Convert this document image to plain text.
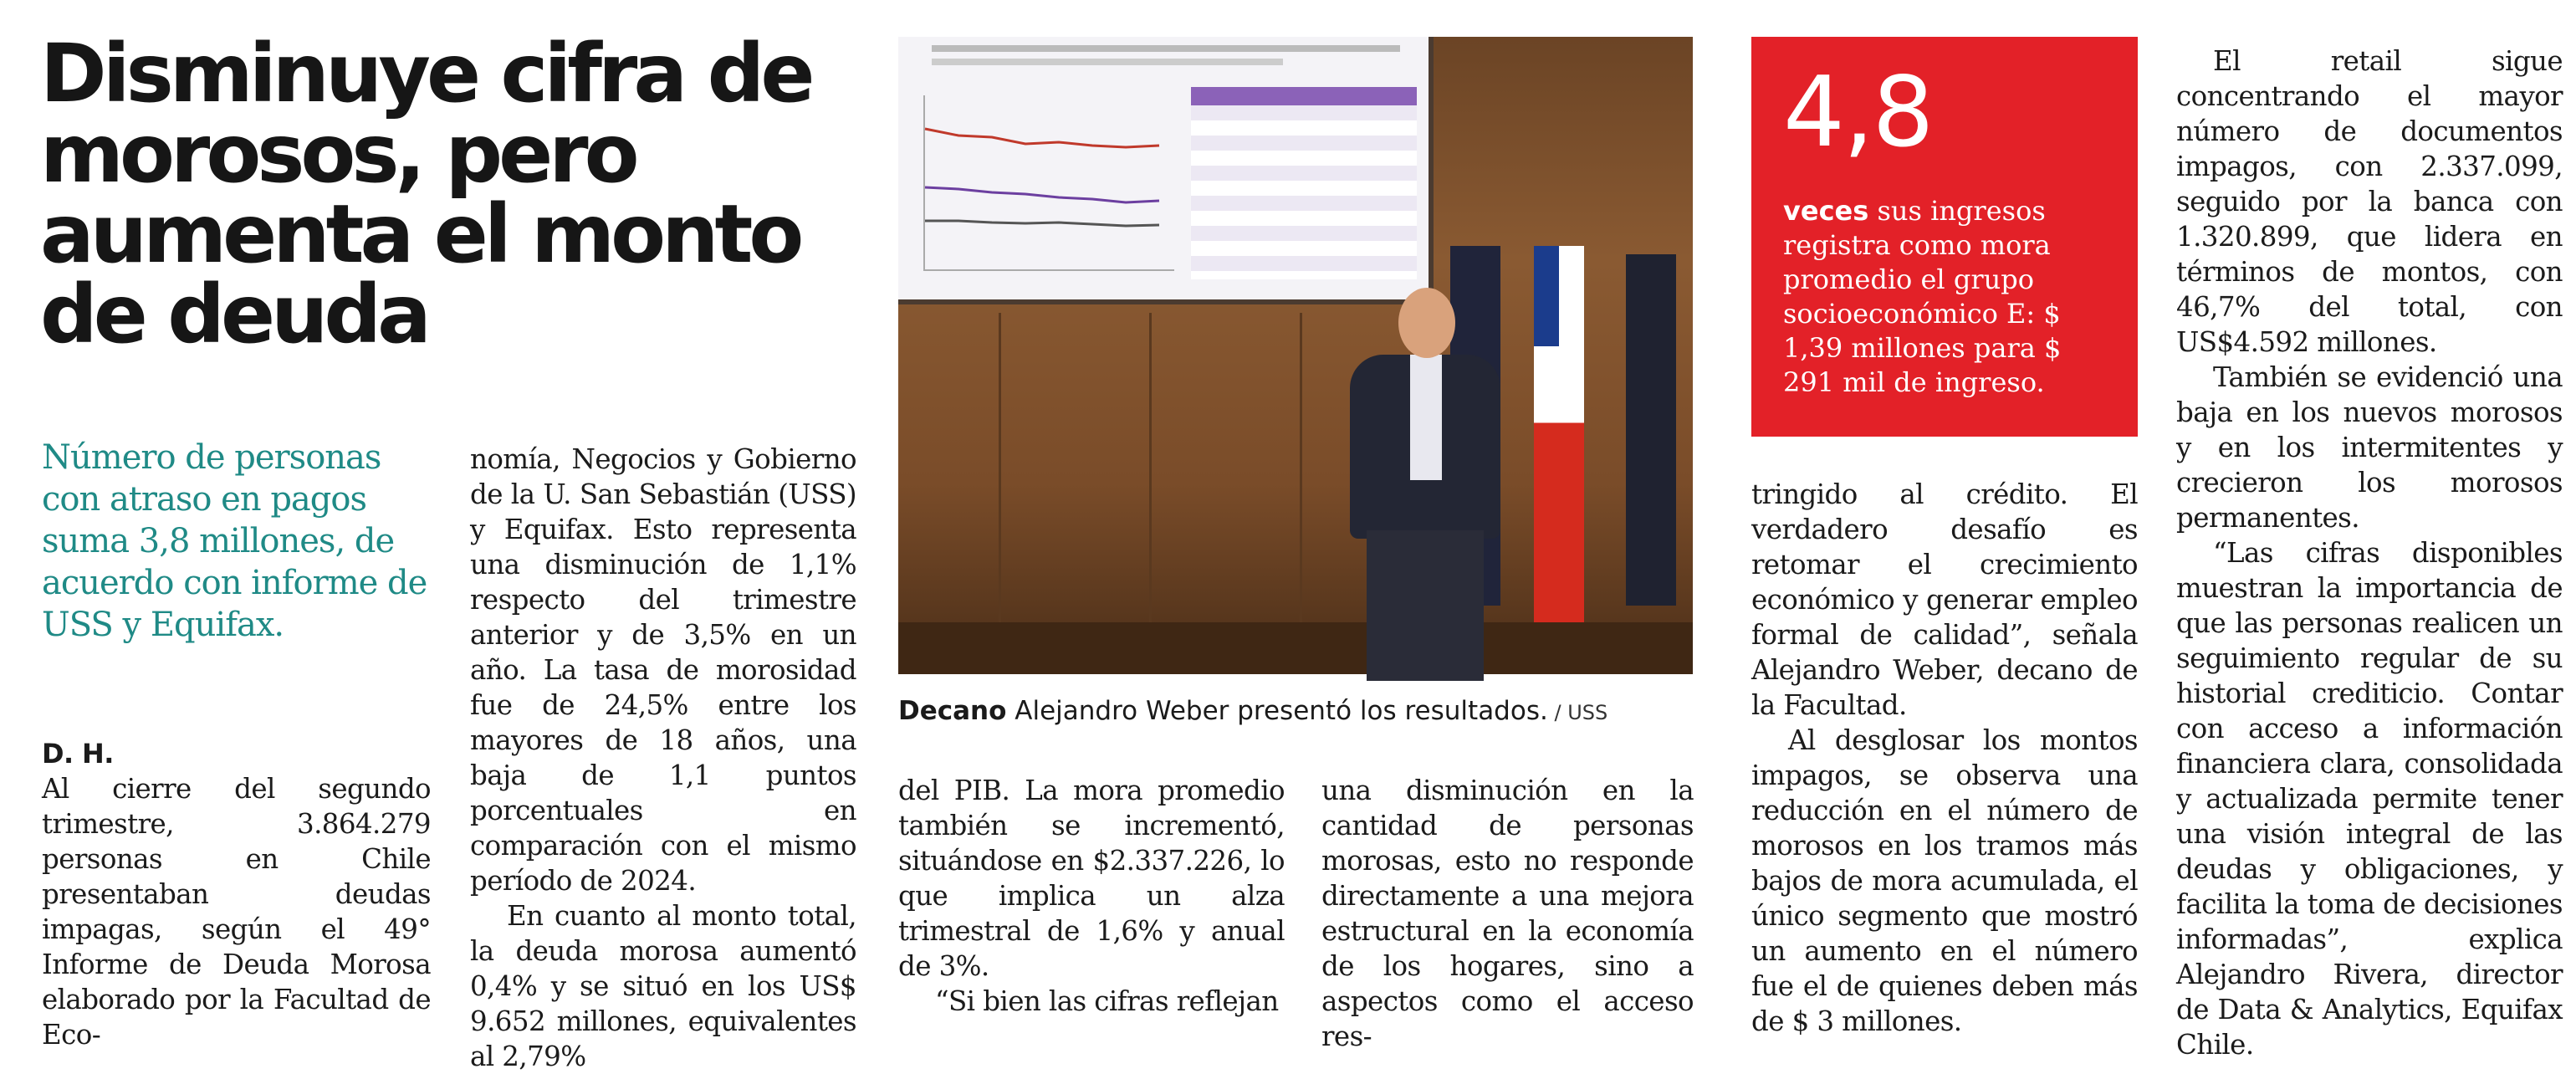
Disminuye cifra de morosos, pero aumenta el monto de deuda
Número de personas con atraso en pagos suma 3,8 millones, de acuerdo con informe de USS y Equifax.
D. H.

Al cierre del segundo trimestre, 3.864.279 personas en Chile presentaban deudas impagas, según el 49° Informe de Deuda Morosa elaborado por la Facultad de Eco-

nomía, Negocios y Gobierno de la U. San Sebastián (USS) y Equifax. Esto representa una disminución de 1,1% respecto del trimestre anterior y de 3,5% en un año. La tasa de morosidad fue de 24,5% entre los mayores de 18 años, una baja de 1,1 puntos porcentuales en comparación con el mismo período de 2024.

En cuanto al monto total, la deuda morosa aumentó 0,4% y se situó en los US$ 9.652 millones, equivalentes al 2,79%

Decano Alejandro Weber presentó los resultados. / USS

del PIB. La mora promedio también se incrementó, situándose en $2.337.226, lo que implica un alza trimestral de 1,6% y anual de 3%.

“Si bien las cifras reflejan

una disminución en la cantidad de personas morosas, esto no responde directamente a una mejora estructural en la economía de los hogares, sino a aspectos como el acceso res-

4,8
veces sus ingresos registra como mora promedio el grupo socioeconómico E: $ 1,39 millones para $ 291 mil de ingreso.

tringido al crédito. El verdadero desafío es retomar el crecimiento económico y generar empleo formal de calidad”, señala Alejandro Weber, decano de la Facultad.

Al desglosar los montos impagos, se observa una reducción en el número de morosos en los tramos más bajos de mora acumulada, el único segmento que mostró un aumento en el número fue el de quienes deben más de $ 3 millones.

El retail sigue concentrando el mayor número de documentos impagos, con 2.337.099, seguido por la banca con 1.320.899, que lidera en términos de montos, con 46,7% del total, con US$4.592 millones.

También se evidenció una baja en los nuevos morosos y en los intermitentes y crecieron los morosos permanentes.

“Las cifras disponibles muestran la importancia de que las personas realicen un seguimiento regular de su historial crediticio. Contar con acceso a información financiera clara, consolidada y actualizada permite tener una visión integral de las deudas y obligaciones, y facilita la toma de decisiones informadas”, explica Alejandro Rivera, director de Data & Analytics, Equifax Chile.
